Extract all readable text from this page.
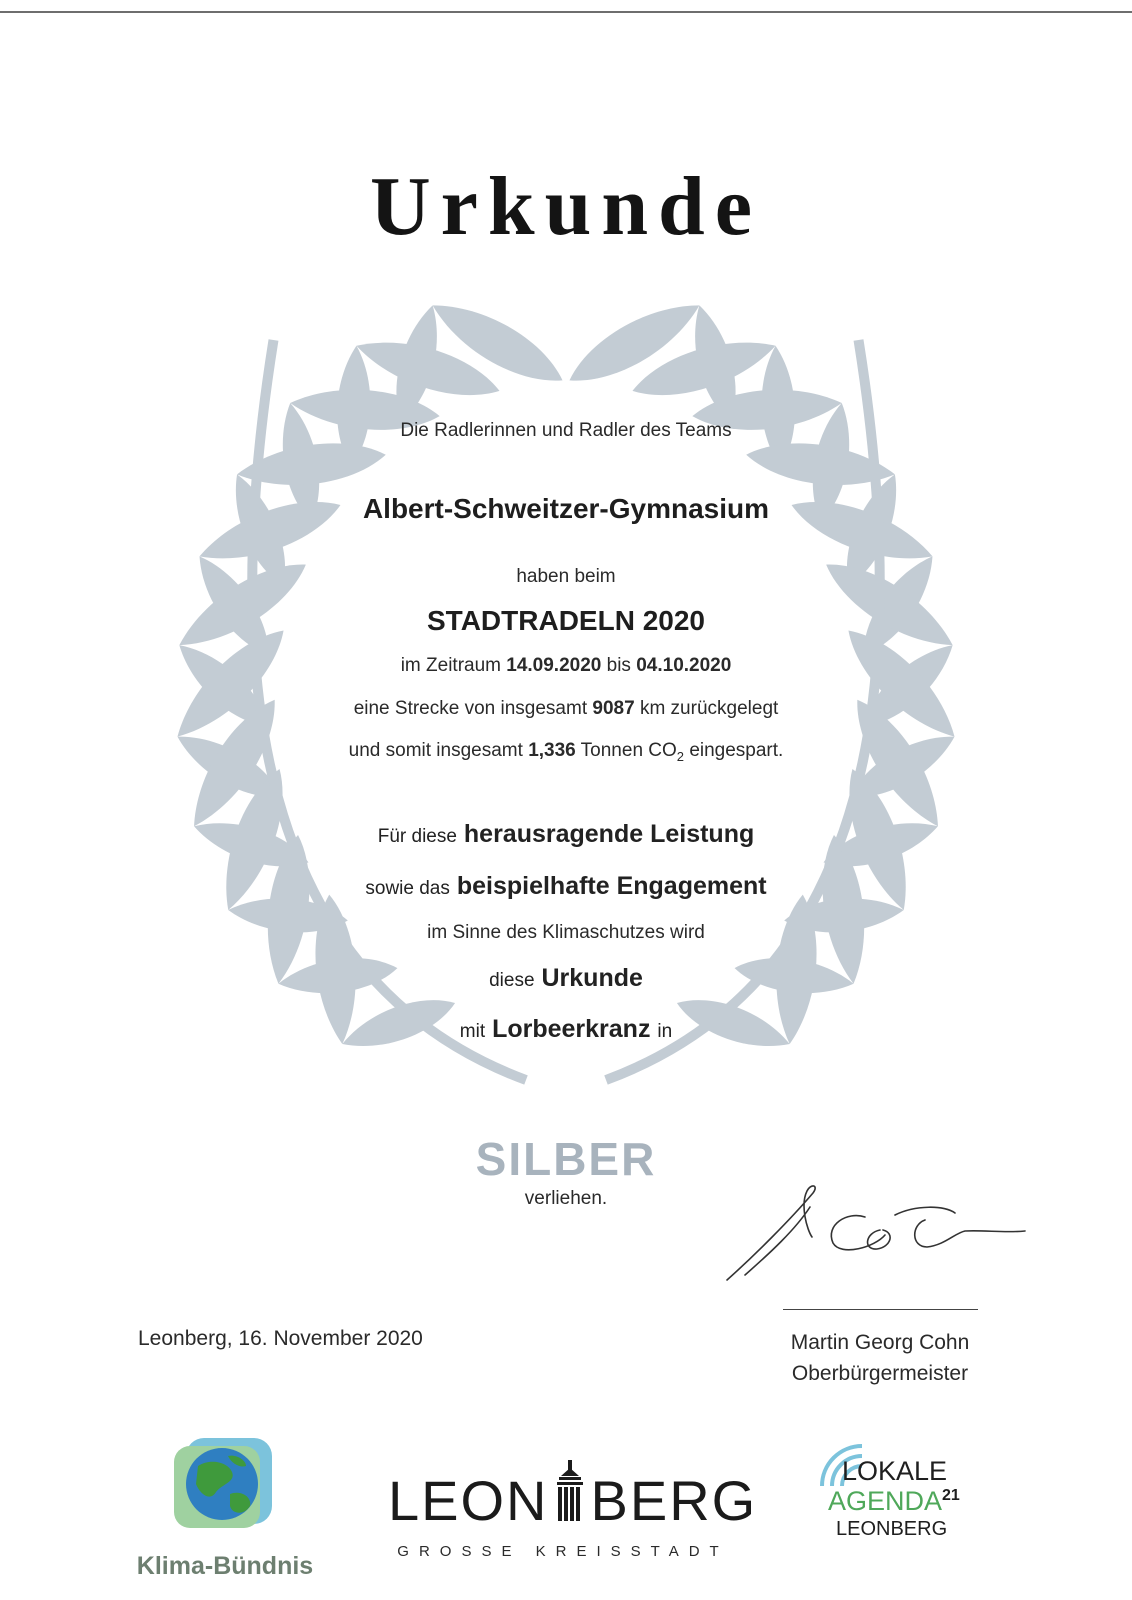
Urkunde
Die Radlerinnen und Radler des Teams
Albert-Schweitzer-Gymnasium
haben beim
STADTRADELN 2020
im Zeitraum 14.09.2020 bis 04.10.2020
eine Strecke von insgesamt 9087 km zurückgelegt
und somit insgesamt 1,336 Tonnen $CO_2$ eingespart.
Für diese herausragende Leistung
sowie das beispielhafte Engagement
im Sinne des Klimaschutzes wird
diese Urkunde
mit Lorbeerkranz in
SILBER
verliehen.
Leonberg, 16. November 2020	Martin Georg Cohn
Oberbürgermeister
Klima-Bündnis
LEON BERG
GROSSE KREISSTADT
LOKALE
AGENDA$^{21}$
LEONBERG
